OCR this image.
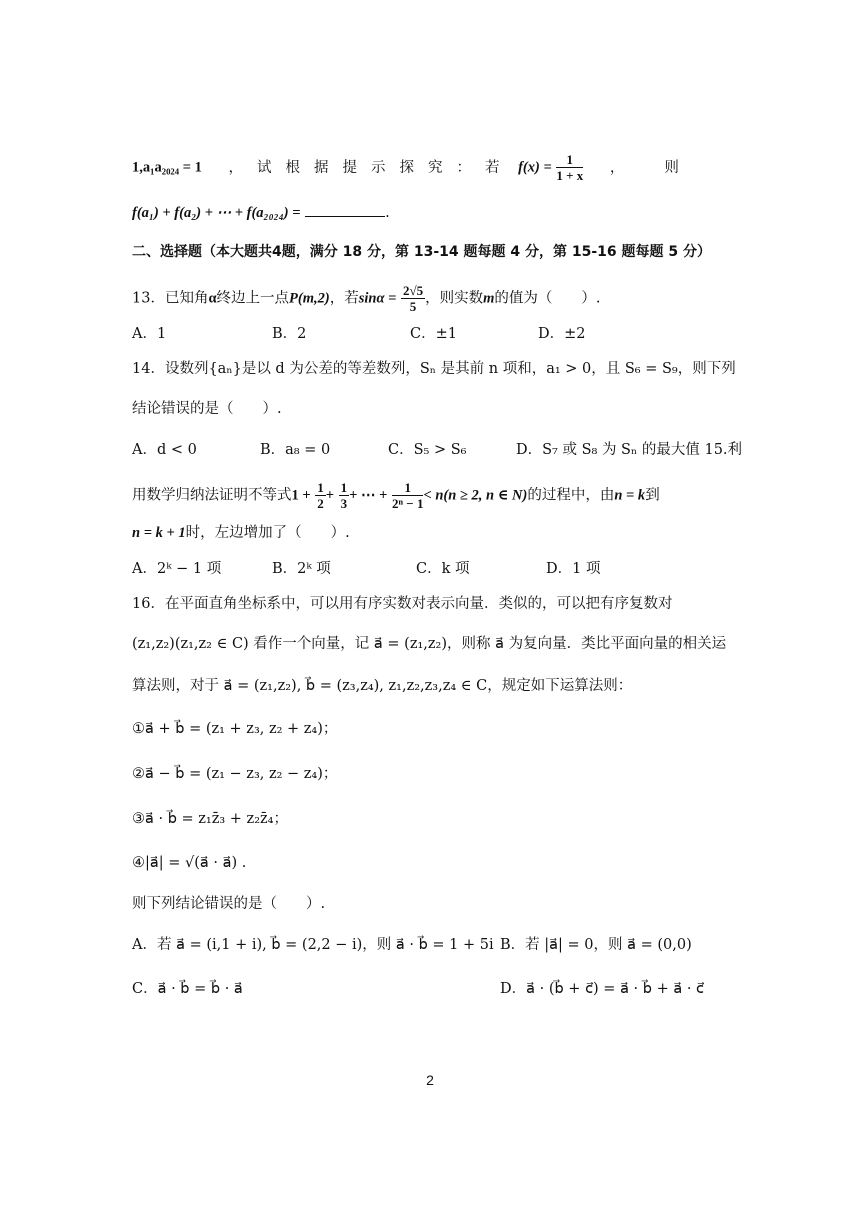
1,a₁a₂₀₂₄ = 1 ，试根据提示探究：若 $f(x) = \frac{1}{1 + x}$ ，则
f(a₁) + f(a₂) + ⋯ + f(a₂₀₂₄) =	.
二、选择题（本大题共4题，满分 18 分，第 13-14 题每题 4 分，第 15-16 题每题 5 分）
13．已知角α终边上一点P(m,2)，若$\sin\alpha = \frac{2√5}{5}$ ，则实数m的值为（　　）.
A．1	B．2	C．±1	D．±2
14．设数列{aₙ}是以 d 为公差的等差数列，Sₙ 是其前 n 项和，a₁ > 0，且 S₆ = S₉，则下列
结论错误的是（　　）.
A．d < 0	B．a₈ = 0	C．S₅ > S₆	D．S₇ 或 S₈ 为 Sₙ 的最大值 15.利
用数学归纳法证明不等式$1 + \frac{1}{2} + \frac{1}{3}$ + ⋯ + $\frac{1}{\text{2ⁿ − 1}} < n(n \ge 2$, n ∈ N)的过程中，由n = k到
n = k + 1时，左边增加了（　　）.
A．2ᵏ − 1 项	B．2ᵏ 项	C．k 项	D．1 项
16．在平面直角坐标系中，可以用有序实数对表示向量．类似的，可以把有序复数对
(z₁,z₂)(z₁,z₂ ∈ C) 看作一个向量，记 a⃗ = (z₁,z₂)，则称 a⃗ 为复向量．类比平面向量的相关运
算法则，对于 a⃗ = (z₁,z₂), b⃗ = (z₃,z₄), z₁,z₂,z₃,z₄ ∈ C，规定如下运算法则：
①a⃗ + b⃗ = (z₁ + z₃, z₂ + z₄)；
②a⃗ − b⃗ = (z₁ − z₃, z₂ − z₄)；
③a⃗ · b⃗ = z₁z̄₃ + z₂z̄₄；
④|a⃗| = √(a⃗ · a⃗) .
则下列结论错误的是（　　）.
A．若 a⃗ = (i,1 + i), b⃗ = (2,2 − i)，则 a⃗ · b⃗ = 1 + 5i B．若 |a⃗| = 0，则 a⃗ = (0,0)
C．a⃗ · b⃗ = b⃗ · a⃗	D．a⃗ · (b⃗ + c⃗) = a⃗ · b⃗ + a⃗ · c⃗
2
